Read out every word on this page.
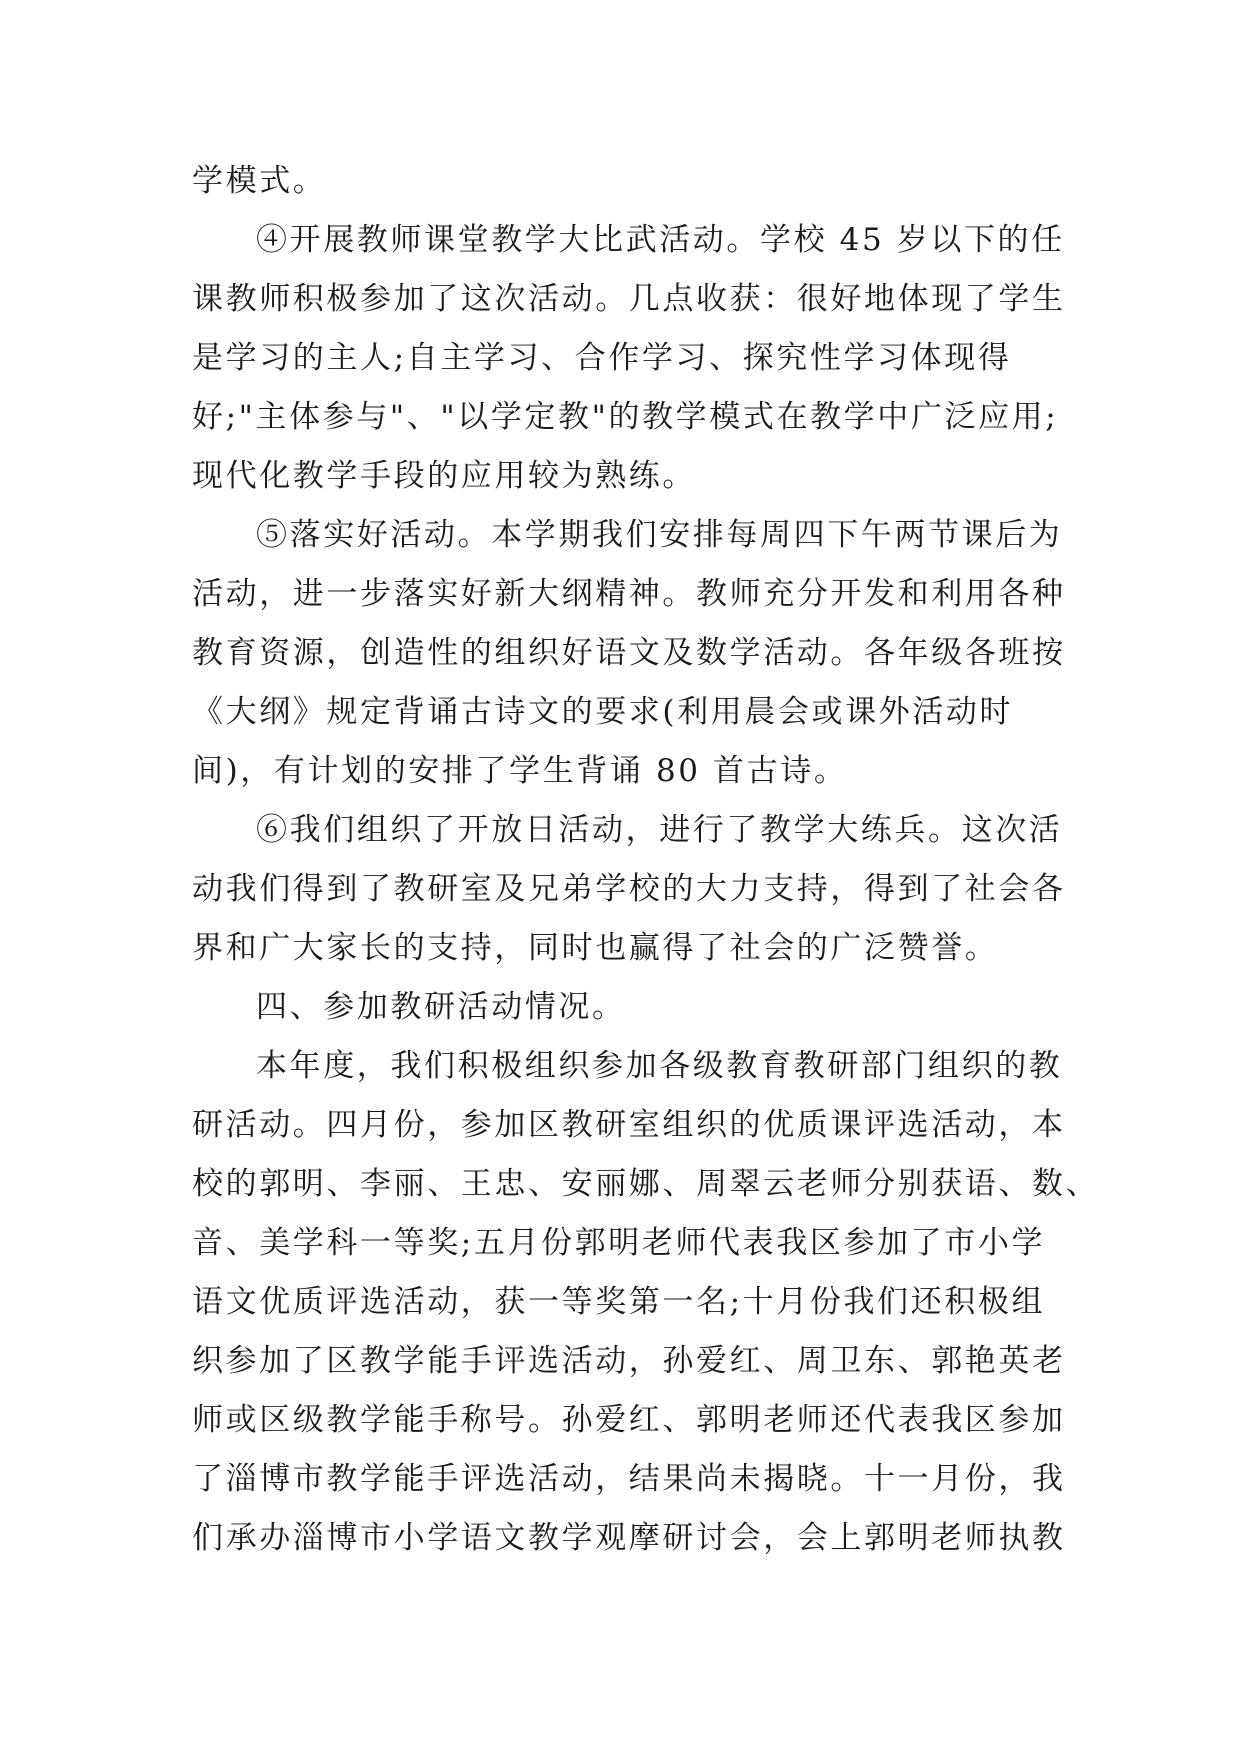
学模式。
④开展教师课堂教学大比武活动。学校 45 岁以下的任
课教师积极参加了这次活动。几点收获：很好地体现了学生
是学习的主人;自主学习、合作学习、探究性学习体现得
好;"主体参与"、"以学定教"的教学模式在教学中广泛应用;
现代化教学手段的应用较为熟练。
⑤落实好活动。本学期我们安排每周四下午两节课后为
活动，进一步落实好新大纲精神。教师充分开发和利用各种
教育资源，创造性的组织好语文及数学活动。各年级各班按
《大纲》规定背诵古诗文的要求(利用晨会或课外活动时
间)，有计划的安排了学生背诵 80 首古诗。
⑥我们组织了开放日活动，进行了教学大练兵。这次活
动我们得到了教研室及兄弟学校的大力支持，得到了社会各
界和广大家长的支持，同时也赢得了社会的广泛赞誉。
四、参加教研活动情况。
本年度，我们积极组织参加各级教育教研部门组织的教
研活动。四月份，参加区教研室组织的优质课评选活动，本
校的郭明、李丽、王忠、安丽娜、周翠云老师分别获语、数、
音、美学科一等奖;五月份郭明老师代表我区参加了市小学
语文优质评选活动，获一等奖第一名;十月份我们还积极组
织参加了区教学能手评选活动，孙爱红、周卫东、郭艳英老
师或区级教学能手称号。孙爱红、郭明老师还代表我区参加
了淄博市教学能手评选活动，结果尚未揭晓。十一月份，我
们承办淄博市小学语文教学观摩研讨会，会上郭明老师执教
